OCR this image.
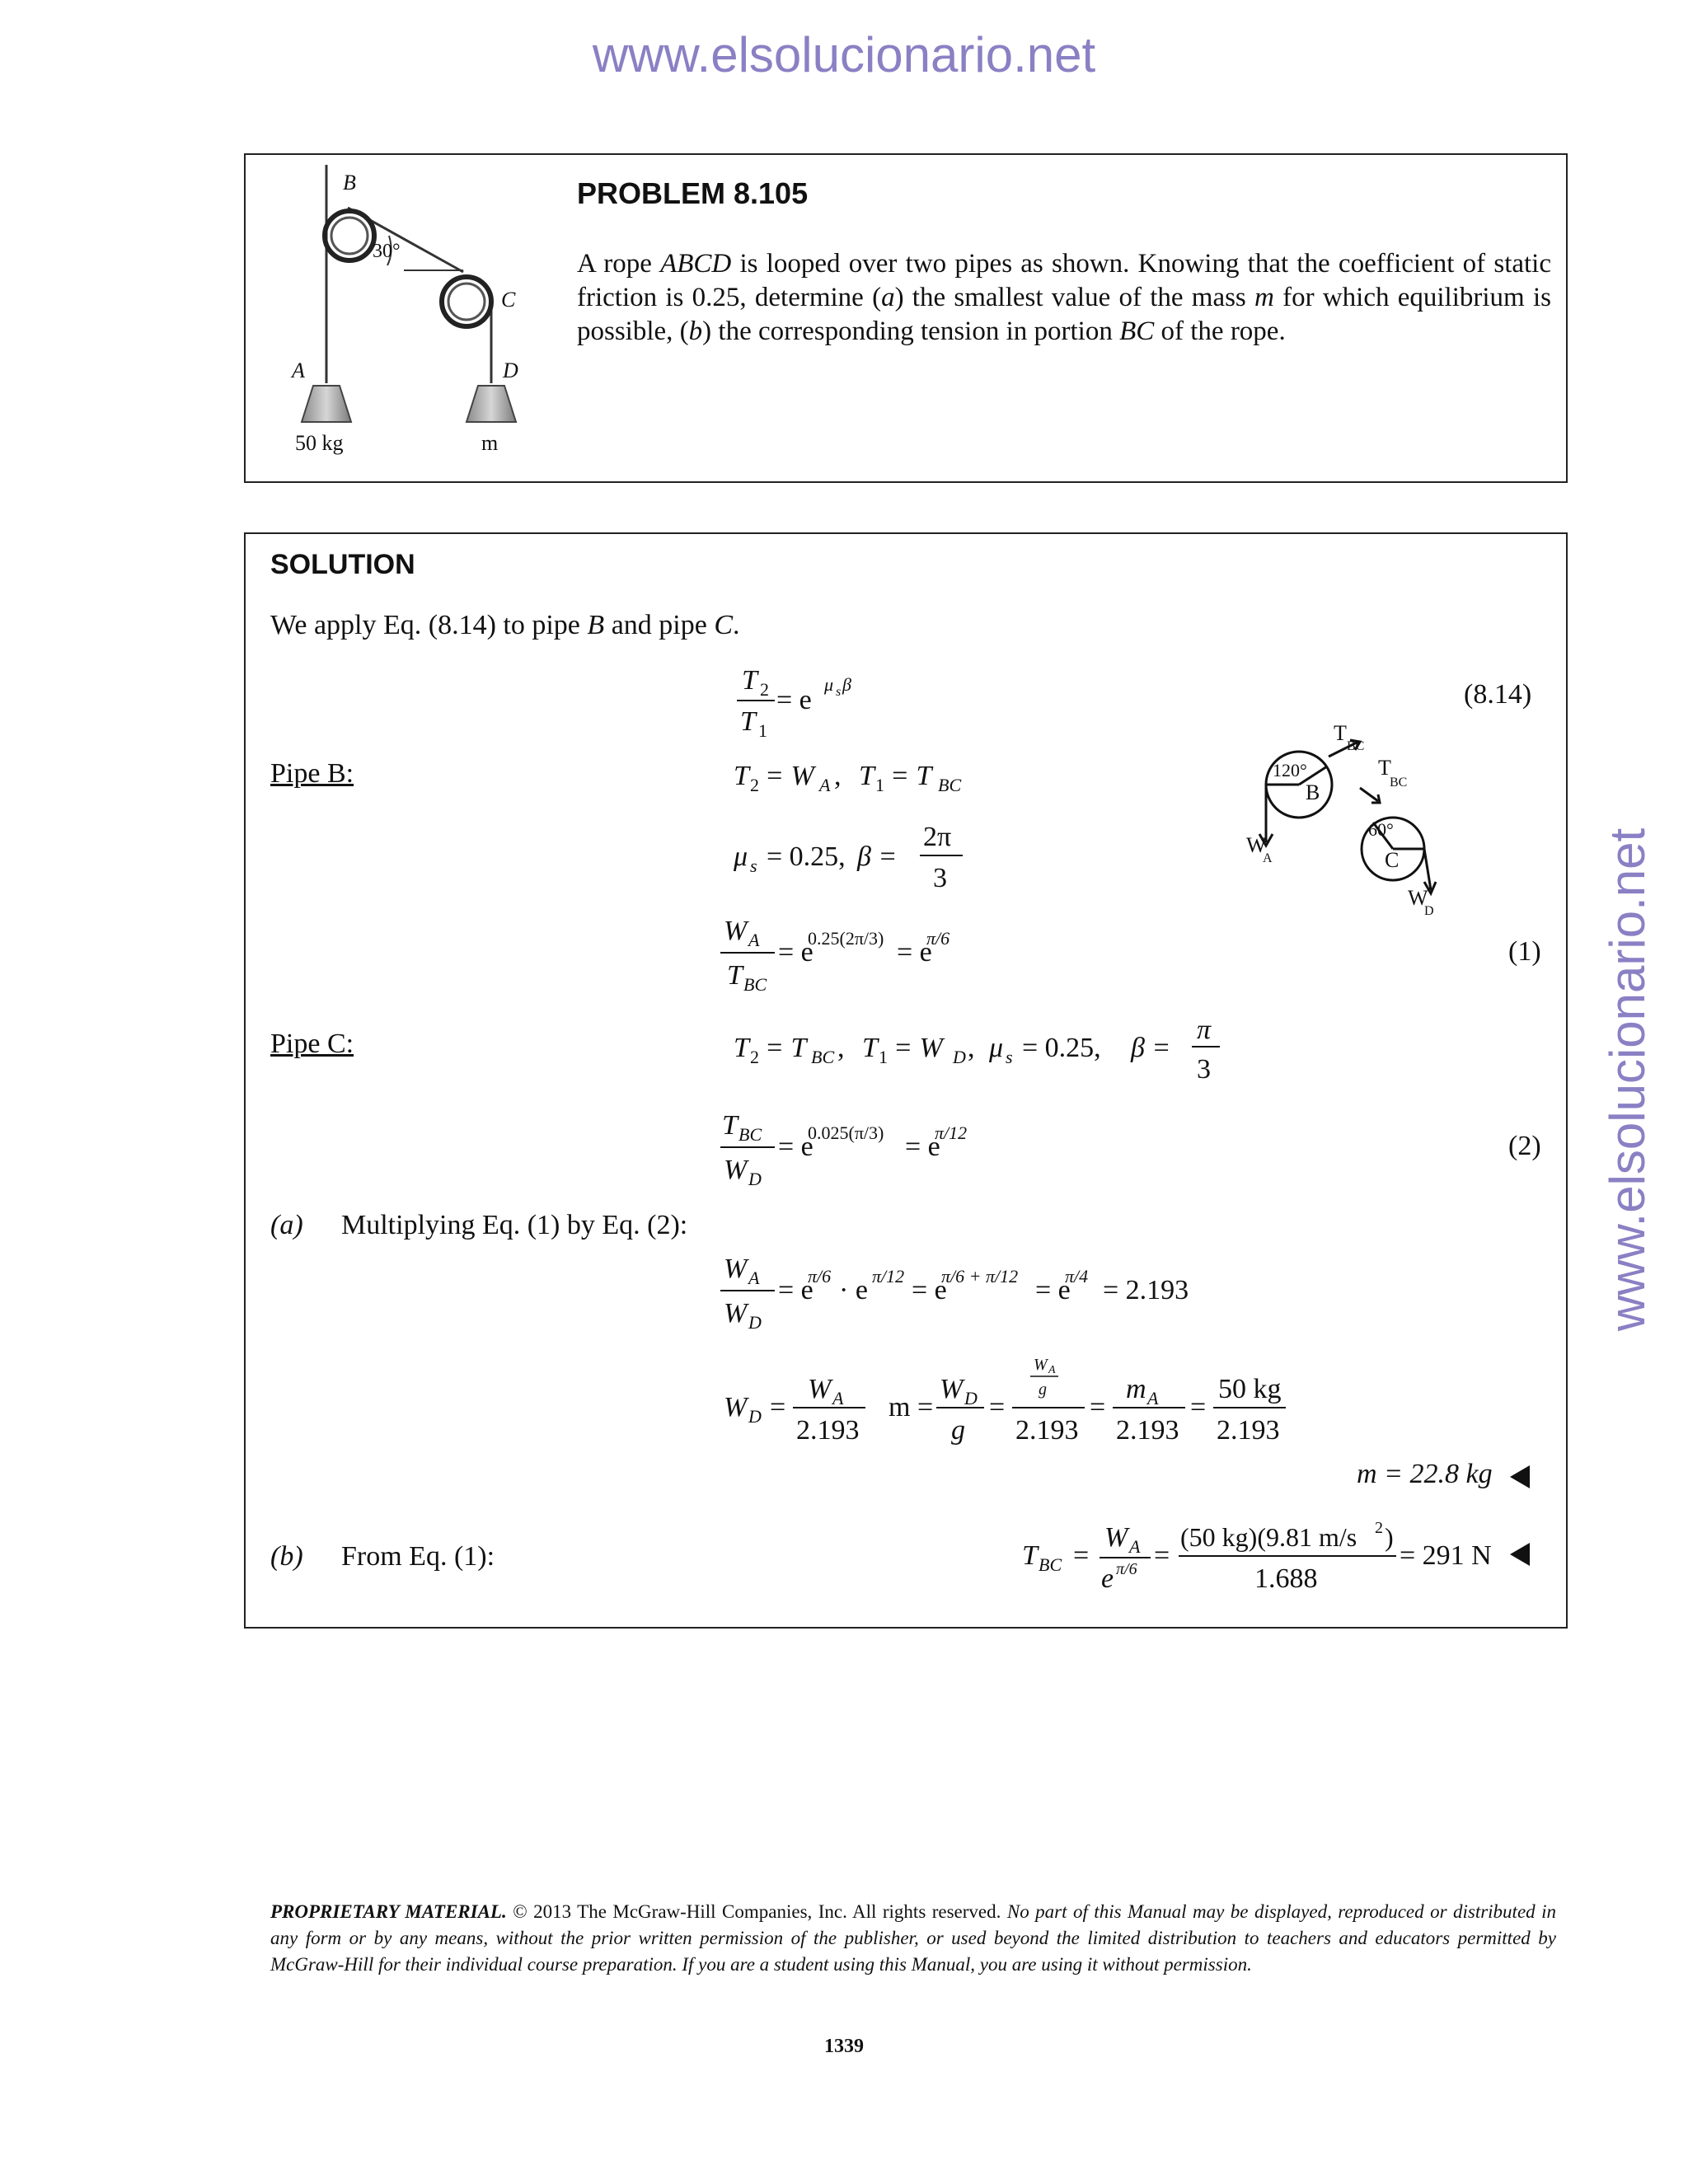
www.elsolucionario.net
www.elsolucionario.net
30°
B
C
A	D
50 kg	m
PROBLEM 8.105
A rope ABCD is looped over two pipes as shown. Knowing that the coefficient of static friction is 0.25, determine (a) the smallest value of the mass m for which equilibrium is possible, (b) the corresponding tension in portion BC of the rope.
SOLUTION
We apply Eq. (8.14) to pipe B and pipe C.
T 2
T 1
= e
μ s β	(8.14)
Pipe B:	T 2 = W A , T 1 = T BC
μ s = 0.25, β =
2π
3
W A
T BC
= e
0.25(2π/3) = e
π/6	(1)
120°
B
60°
C
T
BC
T
BC
W
A
W
D
Pipe C:	T 2 = T BC , T 1 = W D , μ s = 0.25, β =
π
3
T BC
W D
= e
0.025(π/3) = e
π/12	(2)
(a) Multiplying Eq. (1) by Eq. (2):
W A
W D
= e
π/6 · e π/12 = e
π/6 + π/12 = e
π/4 = 2.193
W D =
W A
2.193
m =
W D
g
=
W A
g
2.193
=
m A
2.193
=
50 kg
2.193
m = 22.8 kg
(b) From Eq. (1):	T BC =
W A
e π/6 =
(50 kg)(9.81 m/s 2 )
1.688
= 291 N
PROPRIETARY MATERIAL. © 2013 The McGraw-Hill Companies, Inc. All rights reserved. No part of this Manual may be displayed, reproduced or distributed in any form or by any means, without the prior written permission of the publisher, or used beyond the limited distribution to teachers and educators permitted by McGraw-Hill for their individual course preparation. If you are a student using this Manual, you are using it without permission.
1339
